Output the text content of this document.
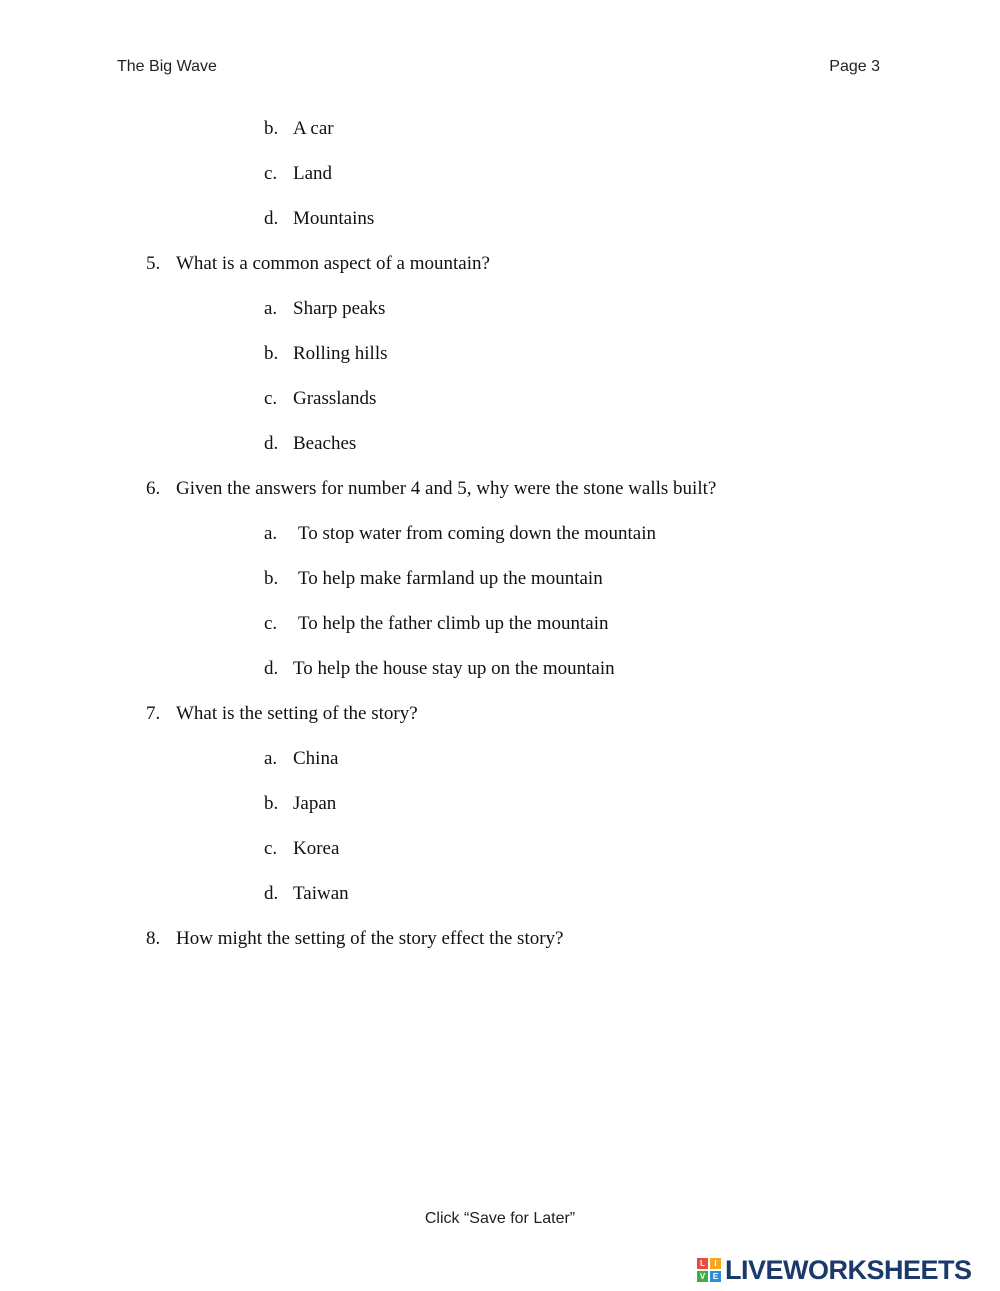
The Big Wave	Page 3
b. A car
c. Land
d. Mountains
5. What is a common aspect of a mountain?
a. Sharp peaks
b. Rolling hills
c. Grasslands
d. Beaches
6. Given the answers for number 4 and 5, why were the stone walls built?
a. To stop water from coming down the mountain
b. To help make farmland up the mountain
c. To help the father climb up the mountain
d. To help the house stay up on the mountain
7. What is the setting of the story?
a. China
b. Japan
c. Korea
d. Taiwan
8. How might the setting of the story effect the story?
Click “Save for Later”
L	I
V E LIVEWORKSHEETS
